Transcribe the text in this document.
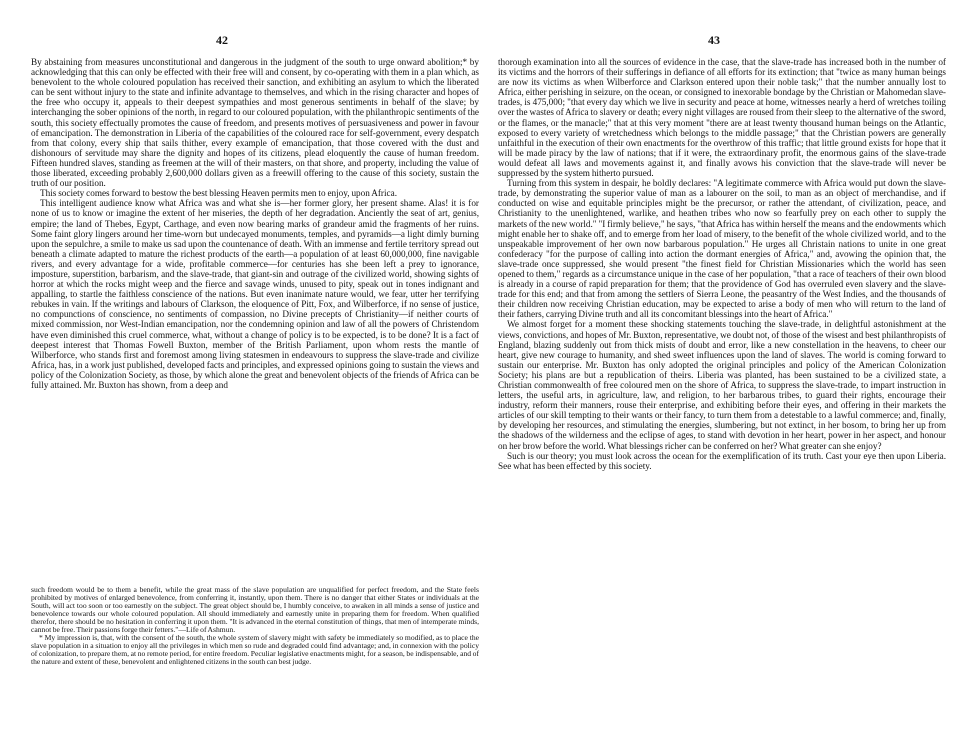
42	43

By abstaining from measures unconstitutional and dangerous in the judgment of the south to urge onward abolition;* by acknowledging that this can only be effected with their free will and consent, by co-operating with them in a plan which, as benevolent to the whole coloured population has received their sanction, and exhibiting an asylum to which the liberated can be sent without injury to the state and infinite advantage to themselves, and which in the rising character and hopes of the free who occupy it, appeals to their deepest sympathies and most generous sentiments in behalf of the slave; by interchanging the sober opinions of the north, in regard to our coloured population, with the philanthropic sentiments of the south, this society effectually promotes the cause of freedom, and presents motives of persuasiveness and power in favour of emancipation. The demonstration in Liberia of the capabilities of the coloured race for self-government, every despatch from that colony, every ship that sails thither, every example of emancipation, that those covered with the dust and dishonours of servitude may share the dignity and hopes of its citizens, plead eloquently the cause of human freedom. Fifteen hundred slaves, standing as freemen at the will of their masters, on that shore, and property, including the value of those liberated, exceeding probably 2,600,000 dollars given as a freewill offering to the cause of this society, sustain the truth of our position.

This society comes forward to bestow the best blessing Heaven permits men to enjoy, upon Africa.

This intelligent audience know what Africa was and what she is—her former glory, her present shame. Alas! it is for none of us to know or imagine the extent of her miseries, the depth of her degradation. Anciently the seat of art, genius, empire; the land of Thebes, Egypt, Carthage, and even now bearing marks of grandeur amid the fragments of her ruins. Some faint glory lingers around her time-worn but undecayed monuments, temples, and pyramids—a light dimly burning upon the sepulchre, a smile to make us sad upon the countenance of death. With an immense and fertile territory spread out beneath a climate adapted to mature the richest products of the earth—a population of at least 60,000,000, fine navigable rivers, and every advantage for a wide, profitable commerce—for centuries has she been left a prey to ignorance, imposture, superstition, barbarism, and the slave-trade, that giant-sin and outrage of the civilized world, showing sights of horror at which the rocks might weep and the fierce and savage winds, unused to pity, speak out in tones indignant and appalling, to startle the faithless conscience of the nations. But even inanimate nature would, we fear, utter her terrifying rebukes in vain. If the writings and labours of Clarkson, the eloquence of Pitt, Fox, and Wilberforce, if no sense of justice, no compunctions of conscience, no sentiments of compassion, no Divine precepts of Christianity—if neither courts of mixed commission, nor West-Indian emancipation, nor the condemning opinion and law of all the powers of Christendom have even diminished this cruel commerce, what, without a change of policy is to be expected, is to be done? It is a fact of deepest interest that Thomas Fowell Buxton, member of the British Parliament, upon whom rests the mantle of Wilberforce, who stands first and foremost among living statesmen in endeavours to suppress the slave-trade and civilize Africa, has, in a work just published, developed facts and principles, and expressed opinions going to sustain the views and policy of the Colonization Society, as those, by which alone the great and benevolent objects of the friends of Africa can be fully attained. Mr. Buxton has shown, from a deep and

such freedom would be to them a benefit, while the great mass of the slave population are unqualified for perfect freedom, and the State feels prohibited by motives of enlarged benevolence, from conferring it, instantly, upon them. There is no danger that either States or individuals at the South, will act too soon or too earnestly on the subject. The great object should be, I humbly conceive, to awaken in all minds a sense of justice and benevolence towards our whole coloured population. All should immediately and earnestly unite in preparing them for freedom. When qualified therefor, there should be no hesitation in conferring it upon them. "It is advanced in the eternal constitution of things, that men of intemperate minds, cannot be free. Their passions forge their fetters."—Life of Ashmun.

* My impression is, that, with the consent of the south, the whole system of slavery might with safety be immediately so modified, as to place the slave population in a situation to enjoy all the privileges in which men so rude and degraded could find advantage; and, in connexion with the policy of colonization, to prepare them, at no remote period, for entire freedom. Peculiar legislative enactments might, for a season, be indispensable, and of the nature and extent of these, benevolent and enlightened citizens in the south can best judge.

thorough examination into all the sources of evidence in the case, that the slave-trade has increased both in the number of its victims and the horrors of their sufferings in defiance of all efforts for its extinction; that "twice as many human beings are now its victims as when Wilberforce and Clarkson entered upon their noble task;" that the number annually lost to Africa, either perishing in seizure, on the ocean, or consigned to inexorable bondage by the Christian or Mahomedan slave-trades, is 475,000; "that every day which we live in security and peace at home, witnesses nearly a herd of wretches toiling over the wastes of Africa to slavery or death; every night villages are roused from their sleep to the alternative of the sword, or the flames, or the manacle;" that at this very moment "there are at least twenty thousand human beings on the Atlantic, exposed to every variety of wretchedness which belongs to the middle passage;" that the Christian powers are generally unfaithful in the execution of their own enactments for the overthrow of this traffic; that little ground exists for hope that it will be made piracy by the law of nations; that if it were, the extraordinary profit, the enormous gains of the slave-trade would defeat all laws and movements against it, and finally avows his conviction that the slave-trade will never be suppressed by the system hitherto pursued.

Turning from this system in despair, he boldly declares: "A legitimate commerce with Africa would put down the slave-trade, by demonstrating the superior value of man as a labourer on the soil, to man as an object of merchandise, and if conducted on wise and equitable principles might be the precursor, or rather the attendant, of civilization, peace, and Christianity to the unenlightened, warlike, and heathen tribes who now so fearfully prey on each other to supply the markets of the new world." "I firmly believe," he says, "that Africa has within herself the means and the endowments which might enable her to shake off, and to emerge from her load of misery, to the benefit of the whole civilized world, and to the unspeakable improvement of her own now barbarous population." He urges all Christain nations to unite in one great confederacy "for the purpose of calling into action the dormant energies of Africa," and, avowing the opinion that, the slave-trade once suppressed, she would present "the finest field for Christian Missionaries which the world has seen opened to them," regards as a circumstance unique in the case of her population, "that a race of teachers of their own blood is already in a course of rapid preparation for them; that the providence of God has overruled even slavery and the slave-trade for this end; and that from among the settlers of Sierra Leone, the peasantry of the West Indies, and the thousands of their children now receiving Christian education, may be expected to arise a body of men who will return to the land of their fathers, carrying Divine truth and all its concomitant blessings into the heart of Africa."

We almost forget for a moment these shocking statements touching the slave-trade, in delightful astonishment at the views, convictions, and hopes of Mr. Buxton, representative, we doubt not, of those of the wisest and best philanthropists of England, blazing suddenly out from thick mists of doubt and error, like a new constellation in the heavens, to cheer our heart, give new courage to humanity, and shed sweet influences upon the land of slaves. The world is coming forward to sustain our enterprise. Mr. Buxton has only adopted the original principles and policy of the American Colonization Society; his plans are but a republication of theirs. Liberia was planted, has been sustained to be a civilized state, a Christian commonwealth of free coloured men on the shore of Africa, to suppress the slave-trade, to impart instruction in letters, the useful arts, in agriculture, law, and religion, to her barbarous tribes, to guard their rights, encourage their industry, reform their manners, rouse their enterprise, and exhibiting before their eyes, and offering in their markets the articles of our skill tempting to their wants or their fancy, to turn them from a detestable to a lawful commerce; and, finally, by developing her resources, and stimulating the energies, slumbering, but not extinct, in her bosom, to bring her up from the shadows of the wilderness and the eclipse of ages, to stand with devotion in her heart, power in her aspect, and honour on her brow before the world. What blessings richer can be conferred on her? What greater can she enjoy?

Such is our theory; you must look across the ocean for the exemplification of its truth. Cast your eye then upon Liberia. See what has been effected by this society.
